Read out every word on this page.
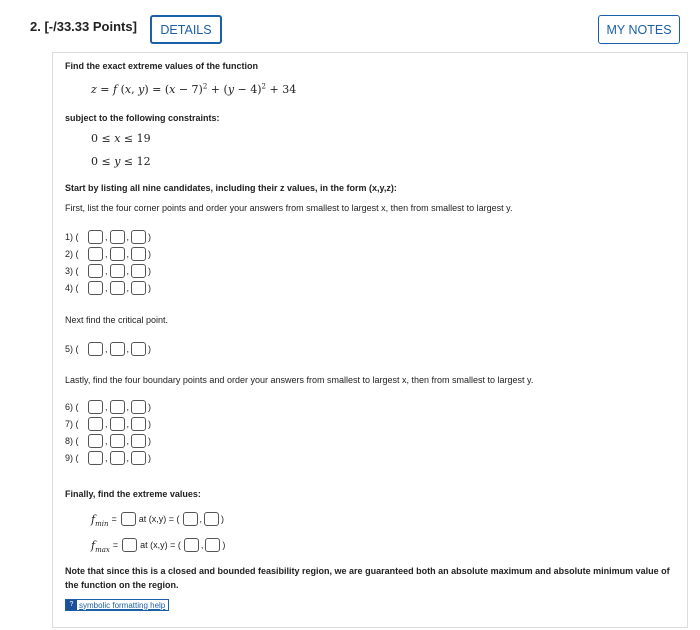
2. [-/33.33 Points]	DETAILS	MY NOTES
Find the exact extreme values of the function
z = f (x, $y) = (x - 7)^2 + (y - 4)^2 + 34$
subject to the following constraints:
0 ≤ x ≤ 19
0 ≤ y ≤ 12
Start by listing all nine candidates, including their z values, in the form (x,y,z):
First, list the four corner points and order your answers from smallest to largest x, then from smallest to largest y.
1) (	, , )
2) (	, , )
3) (	, , )
4) (	, , )
Next find the critical point.
5) (	, , )
Lastly, find the four boundary points and order your answers from smallest to largest x, then from smallest to largest y.
6) (	, , )
7) (	, , )
8) (	, , )
9) (	, , )
Finally, find the extreme values:
$f_{min}$ = at (x,y) = ( , )
$f_{max}$ = at (x,y) = ( , )
Note that since this is a closed and bounded feasibility region, we are guaranteed both an absolute maximum and absolute minimum value of the function on the region.
? symbolic formatting help
